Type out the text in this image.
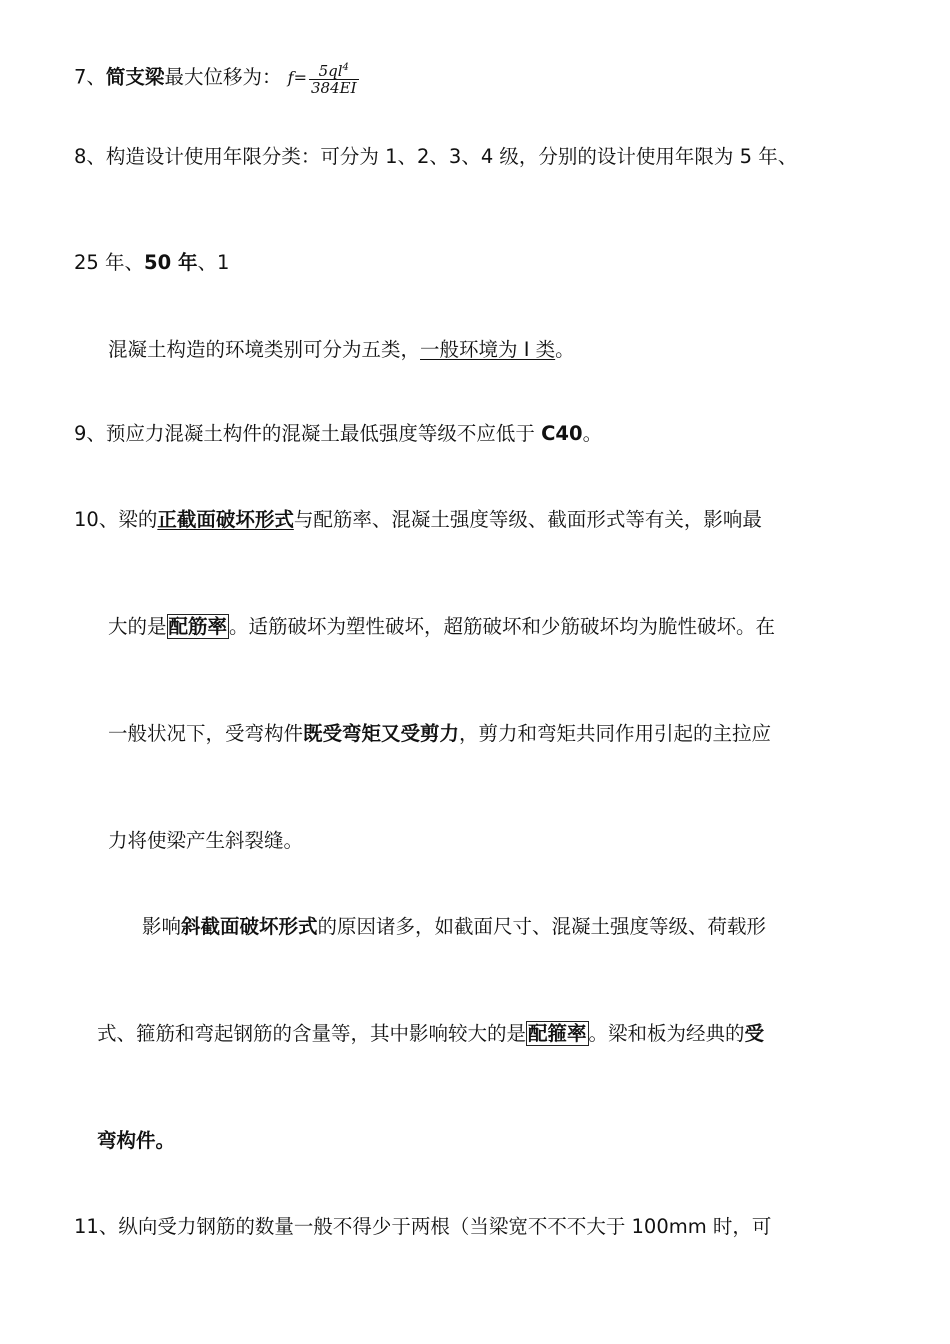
7、简支梁最大位移为： $f= \frac{5ql^4}{384EI}$
8、构造设计使用年限分类：可分为 1、2、3、4 级，分别的设计使用年限为 5 年、
25 年、50 年、1
混凝土构造的环境类别可分为五类，一般环境为 I 类。
9、预应力混凝土构件的混凝土最低强度等级不应低于 C40。
10、梁的正截面破坏形式与配筋率、混凝土强度等级、截面形式等有关，影响最
大的是 配筋率 。适筋破坏为塑性破坏，超筋破坏和少筋破坏均为脆性破坏。在
一般状况下，受弯构件既受弯矩又受剪力，剪力和弯矩共同作用引起的主拉应
力将使梁产生斜裂缝。
影响斜截面破坏形式的原因诸多，如截面尺寸、混凝土强度等级、荷载形
式、箍筋和弯起钢筋的含量等，其中影响较大的是 配箍率 。梁和板为经典的受
弯构件。
11、纵向受力钢筋的数量一般不得少于两根（当梁宽不不不大于 100mm 时，可
